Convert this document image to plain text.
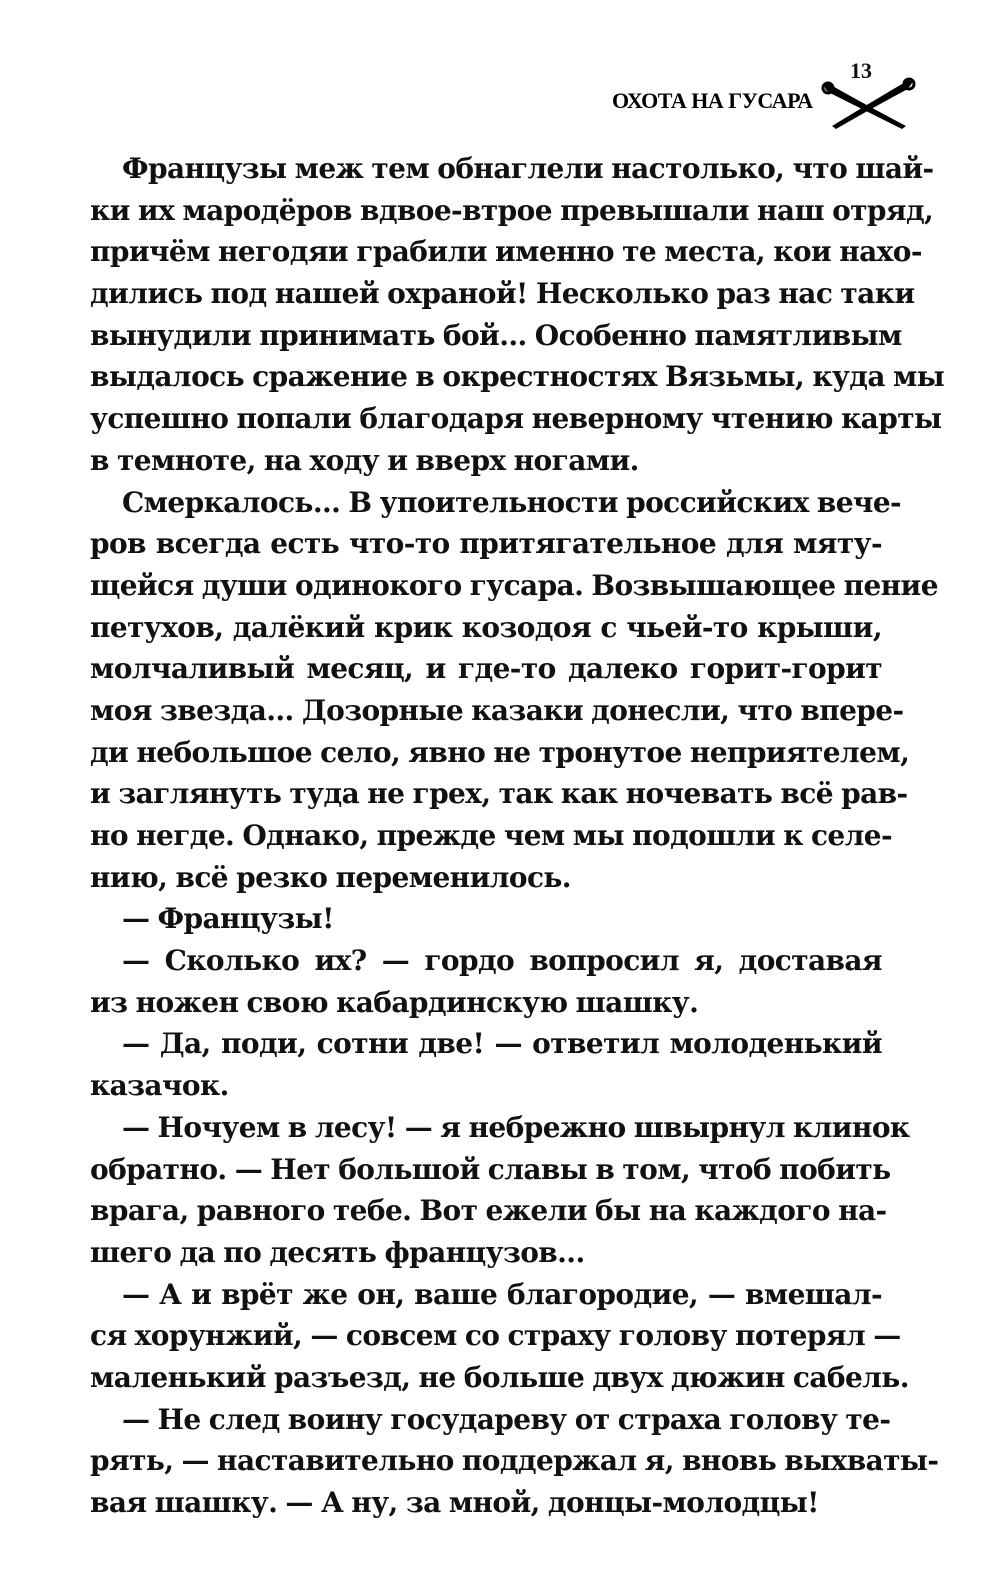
ОХОТА НА ГУСАРА
13
Французы меж тем обнаглели настолько, что шай-
ки их мародёров вдвое-втрое превышали наш отряд,
причём негодяи грабили именно те места, кои нахо-
дились под нашей охраной! Несколько раз нас таки
вынудили принимать бой... Особенно памятливым
выдалось сражение в окрестностях Вязьмы, куда мы
успешно попали благодаря неверному чтению карты
в темноте, на ходу и вверх ногами.
Смеркалось... В упоительности российских вече-
ров всегда есть что-то притягательное для мяту-
щейся души одинокого гусара. Возвышающее пение
петухов, далёкий крик козодоя с чьей-то крыши,
молчаливый месяц, и где-то далеко горит-горит
моя звезда... Дозорные казаки донесли, что впере-
ди небольшое село, явно не тронутое неприятелем,
и заглянуть туда не грех, так как ночевать всё рав-
но негде. Однако, прежде чем мы подошли к селе-
нию, всё резко переменилось.
— Французы!
— Сколько их? — гордо вопросил я, доставая
из ножен свою кабардинскую шашку.
— Да, поди, сотни две! — ответил молоденький
казачок.
— Ночуем в лесу! — я небрежно швырнул клинок
обратно. — Нет большой славы в том, чтоб побить
врага, равного тебе. Вот ежели бы на каждого на-
шего да по десять французов...
— А и врёт же он, ваше благородие, — вмешал-
ся хорунжий, — совсем со страху голову потерял —
маленький разъезд, не больше двух дюжин сабель.
— Не след воину государеву от страха голову те-
рять, — наставительно поддержал я, вновь выхваты-
вая шашку. — А ну, за мной, донцы-молодцы!
